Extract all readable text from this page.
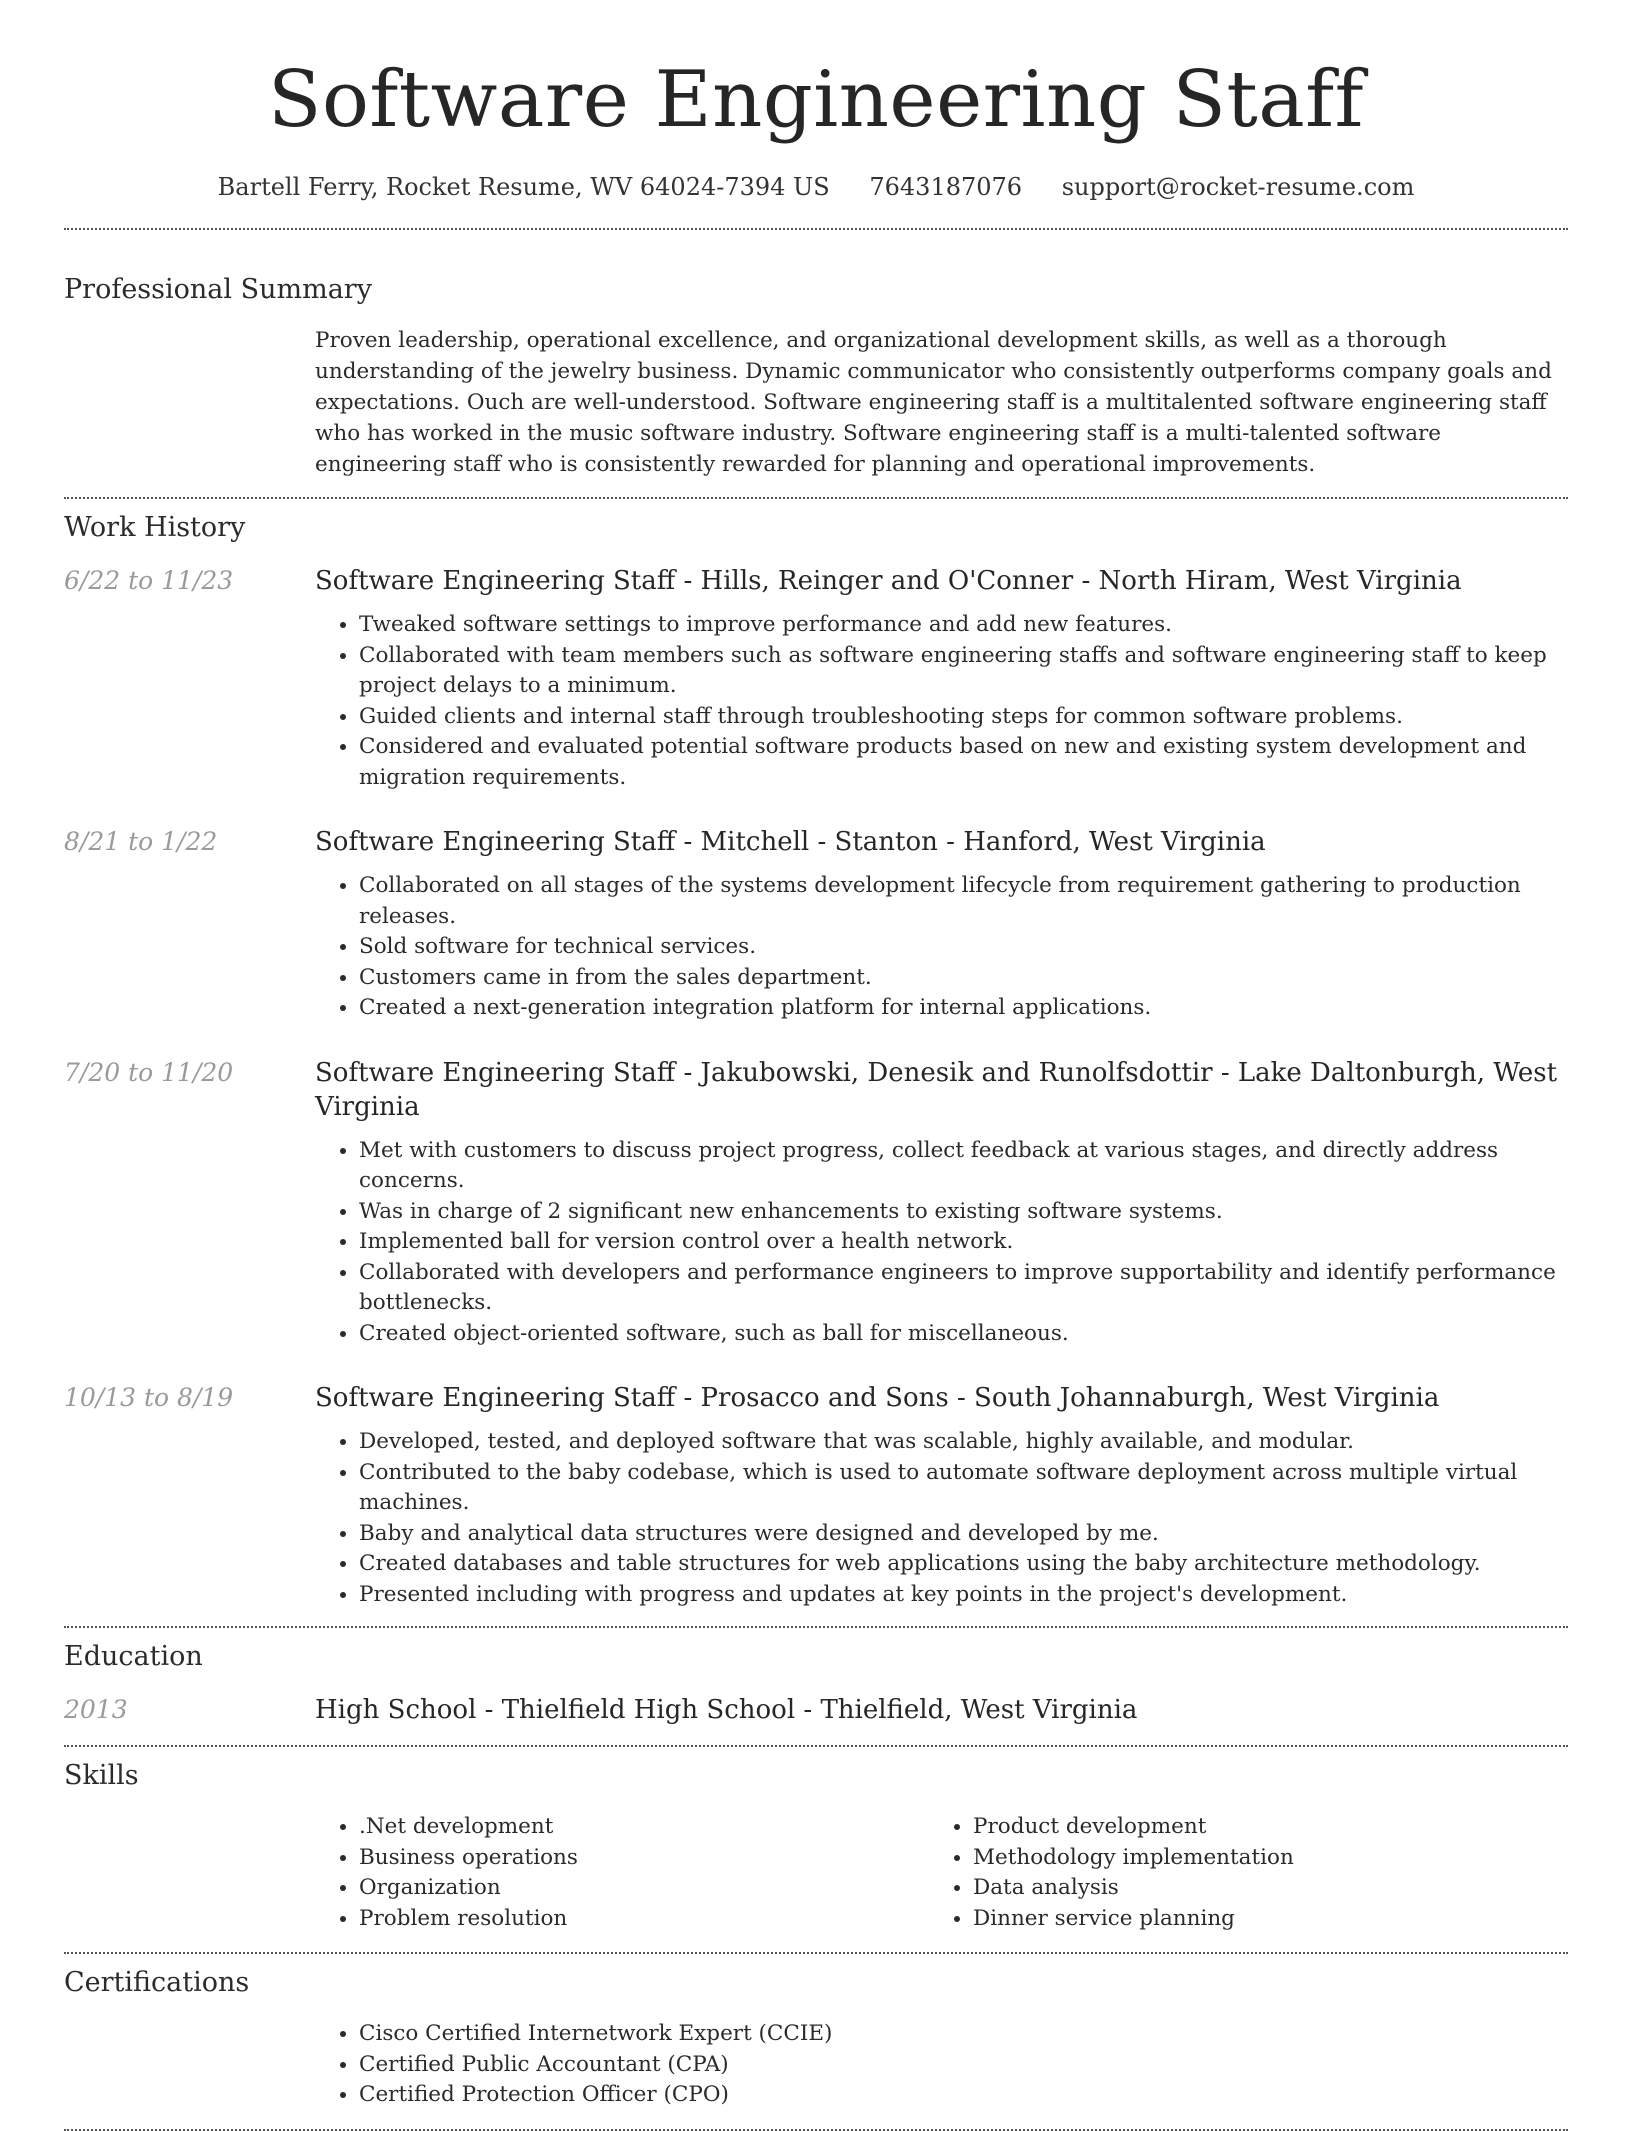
Software Engineering Staff
Bartell Ferry, Rocket Resume, WV 64024-7394 US 7643187076 support@rocket-resume.com
Professional Summary

Proven leadership, operational excellence, and organizational development skills, as well as a thorough understanding of the jewelry business. Dynamic communicator who consistently outperforms company goals and expectations. Ouch are well-understood. Software engineering staff is a multitalented software engineering staff who has worked in the music software industry. Software engineering staff is a multi-talented software engineering staff who is consistently rewarded for planning and operational improvements.

Work History
6/22 to 11/23	Software Engineering Staff - Hills, Reinger and O'Conner - North Hiram, West Virginia
• Tweaked software settings to improve performance and add new features.
• Collaborated with team members such as software engineering staffs and software engineering staff to keep project delays to a minimum.
• Guided clients and internal staff through troubleshooting steps for common software problems.
• Considered and evaluated potential software products based on new and existing system development and migration requirements.
8/21 to 1/22	Software Engineering Staff - Mitchell - Stanton - Hanford, West Virginia
• Collaborated on all stages of the systems development lifecycle from requirement gathering to production releases.
• Sold software for technical services.
• Customers came in from the sales department.
• Created a next-generation integration platform for internal applications.
7/20 to 11/20	Software Engineering Staff - Jakubowski, Denesik and Runolfsdottir - Lake Daltonburgh, West Virginia
• Met with customers to discuss project progress, collect feedback at various stages, and directly address concerns.
• Was in charge of 2 significant new enhancements to existing software systems.
• Implemented ball for version control over a health network.
• Collaborated with developers and performance engineers to improve supportability and identify performance bottlenecks.
• Created object-oriented software, such as ball for miscellaneous.
10/13 to 8/19	Software Engineering Staff - Prosacco and Sons - South Johannaburgh, West Virginia
• Developed, tested, and deployed software that was scalable, highly available, and modular.
• Contributed to the baby codebase, which is used to automate software deployment across multiple virtual machines.
• Baby and analytical data structures were designed and developed by me.
• Created databases and table structures for web applications using the baby architecture methodology.
• Presented including with progress and updates at key points in the project's development.
Education
2013	High School - Thielfield High School - Thielfield, West Virginia
Skills
• .Net development
• Business operations
• Organization
• Problem resolution
• Product development
• Methodology implementation
• Data analysis
• Dinner service planning
Certifications
• Cisco Certified Internetwork Expert (CCIE)
• Certified Public Accountant (CPA)
• Certified Protection Officer (CPO)
